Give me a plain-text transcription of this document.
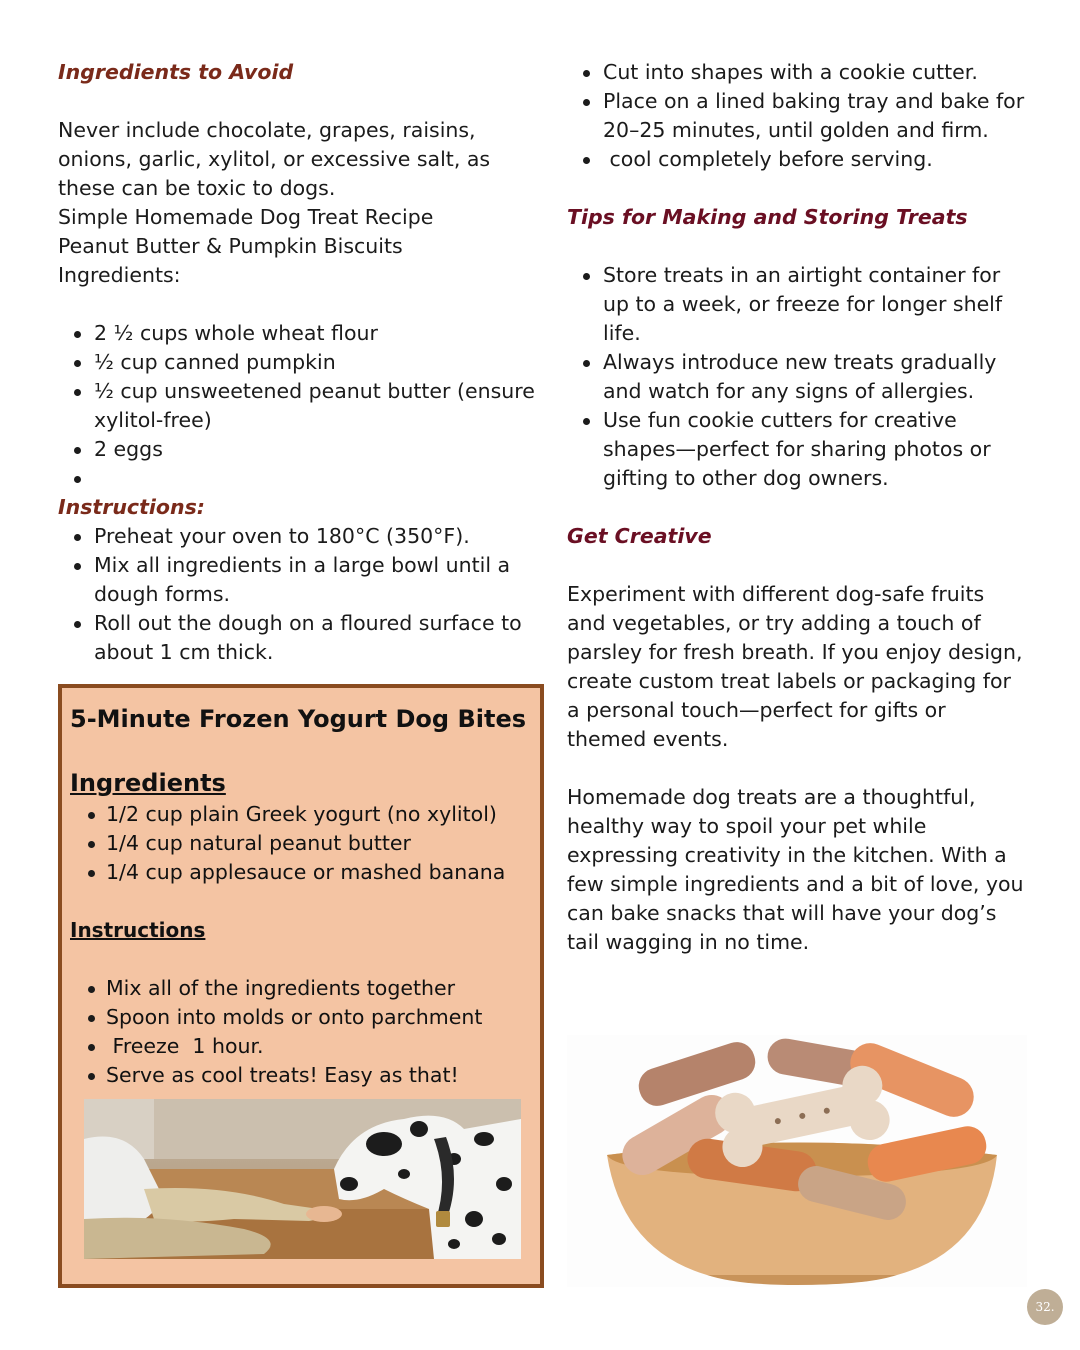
Ingredients to Avoid
Never include chocolate, grapes, raisins,
onions, garlic, xylitol, or excessive salt, as
these can be toxic to dogs.
Simple Homemade Dog Treat Recipe
Peanut Butter & Pumpkin Biscuits
Ingredients:
2 ½ cups whole wheat flour
½ cup canned pumpkin
½ cup unsweetened peanut butter (ensure xylitol-free)
2 eggs
Instructions:
Preheat your oven to 180°C (350°F).
Mix all ingredients in a large bowl until a dough forms.
Roll out the dough on a floured surface to about 1 cm thick.
5-Minute Frozen Yogurt Dog Bites
Ingredients
1/2 cup plain Greek yogurt (no xylitol)
1/4 cup natural peanut butter
1/4 cup applesauce or mashed banana
Instructions
Mix all of the ingredients together
Spoon into molds or onto parchment
Freeze  1 hour.
Serve as cool treats! Easy as that!
Cut into shapes with a cookie cutter.
Place on a lined baking tray and bake for 20–25 minutes, until golden and firm.
cool completely before serving.
Tips for Making and Storing Treats
Store treats in an airtight container for up to a week, or freeze for longer shelf life.
Always introduce new treats gradually and watch for any signs of allergies.
Use fun cookie cutters for creative shapes—perfect for sharing photos or gifting to other dog owners.
Get Creative
Experiment with different dog-safe fruits and vegetables, or try adding a touch of parsley for fresh breath. If you enjoy design, create custom treat labels or packaging for a personal touch—perfect for gifts or themed events.
Homemade dog treats are a thoughtful, healthy way to spoil your pet while expressing creativity in the kitchen. With a few simple ingredients and a bit of love, you can bake snacks that will have your dog’s tail wagging in no time.
32.
